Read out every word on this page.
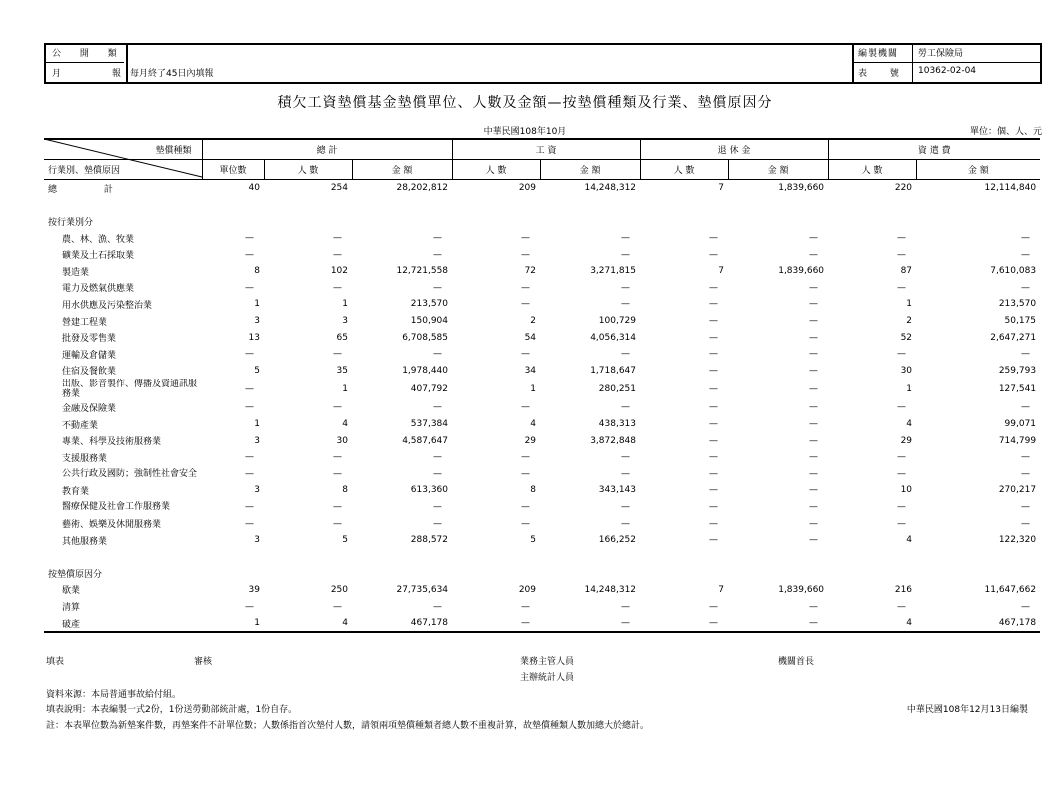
公 開 類
月 報
每月終了45日內填報
編製機關 勞工保險局
表 號 10362-02-04
積欠工資墊償基金墊償單位、人數及金額—按墊償種類及行業、墊償原因分
中華民國108年10月	單位：個、人、元
墊償種類	總 計			工 資		退 休 金		資 遣 費	
行業別、墊償原因	單位數	人 數	金 額	人 數	金 額	人 數	金 額	人 數	金 額
總 計	40	254	28,202,812	209	14,248,312	7	1,839,660	220	12,114,840

按行業別分									
農、林、漁、牧業	—	—	—	—	—	—	—	—	—
礦業及土石採取業	—	—	—	—	—	—	—	—	—
製造業	8	102	12,721,558	72	3,271,815	7	1,839,660	87	7,610,083
電力及燃氣供應業	—	—	—	—	—	—	—	—	—
用水供應及污染整治業	1	1	213,570	—	—	—	—	1	213,570
營建工程業	3	3	150,904	2	100,729	—	—	2	50,175
批發及零售業	13	65	6,708,585	54	4,056,314	—	—	52	2,647,271
運輸及倉儲業	—	—	—	—	—	—	—	—	—
住宿及餐飲業	5	35	1,978,440	34	1,718,647	—	—	30	259,793
出版、影音製作、傳播及資通訊服務業	—	1	407,792	1	280,251	—	—	1	127,541
金融及保險業	—	—	—	—	—	—	—	—	—
不動產業	1	4	537,384	4	438,313	—	—	4	99,071
專業、科學及技術服務業	3	30	4,587,647	29	3,872,848	—	—	29	714,799
支援服務業	—	—	—	—	—	—	—	—	—
公共行政及國防；強制性社會安全	—	—	—	—	—	—	—	—	—
教育業	3	8	613,360	8	343,143	—	—	10	270,217
醫療保健及社會工作服務業	—	—	—	—	—	—	—	—	—
藝術、娛樂及休閒服務業	—	—	—	—	—	—	—	—	—
其他服務業	3	5	288,572	5	166,252	—	—	4	122,320

按墊償原因分									
歇業	39	250	27,735,634	209	14,248,312	7	1,839,660	216	11,647,662
清算	—	—	—	—	—	—	—	—	—
破產	1	4	467,178	—	—	—	—	4	467,178
填表	審核	業務主管人員
主辦統計人員
機關首長
資料來源：本局普通事故給付組。
填表說明：本表編製一式2份，1份送勞動部統計處，1份自存。	中華民國108年12月13日編製
註：本表單位數為新墊案件數，再墊案件不計單位數；人數係指首次墊付人數，請領兩項墊償種類者總人數不重複計算，故墊償種類人數加總大於總計。
